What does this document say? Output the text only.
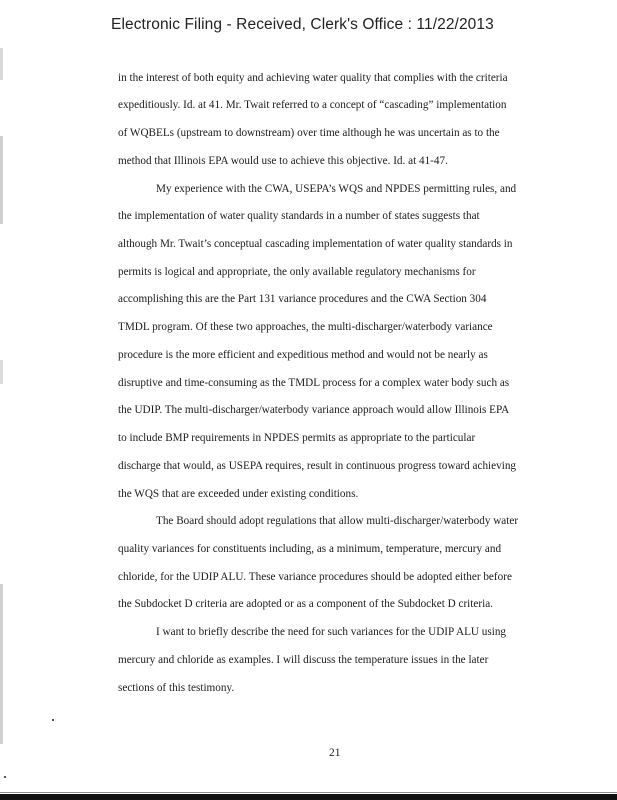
Electronic Filing - Received, Clerk's Office : 11/22/2013
in the interest of both equity and achieving water quality that complies with the criteria
expeditiously. Id. at 41. Mr. Twait referred to a concept of “cascading” implementation
of WQBELs (upstream to downstream) over time although he was uncertain as to the
method that Illinois EPA would use to achieve this objective. Id. at 41-47.
My experience with the CWA, USEPA’s WQS and NPDES permitting rules, and
the implementation of water quality standards in a number of states suggests that
although Mr. Twait’s conceptual cascading implementation of water quality standards in
permits is logical and appropriate, the only available regulatory mechanisms for
accomplishing this are the Part 131 variance procedures and the CWA Section 304
TMDL program. Of these two approaches, the multi-discharger/waterbody variance
procedure is the more efficient and expeditious method and would not be nearly as
disruptive and time-consuming as the TMDL process for a complex water body such as
the UDIP. The multi-discharger/waterbody variance approach would allow Illinois EPA
to include BMP requirements in NPDES permits as appropriate to the particular
discharge that would, as USEPA requires, result in continuous progress toward achieving
the WQS that are exceeded under existing conditions.
The Board should adopt regulations that allow multi-discharger/waterbody water
quality variances for constituents including, as a minimum, temperature, mercury and
chloride, for the UDIP ALU. These variance procedures should be adopted either before
the Subdocket D criteria are adopted or as a component of the Subdocket D criteria.
I want to briefly describe the need for such variances for the UDIP ALU using
mercury and chloride as examples. I will discuss the temperature issues in the later
sections of this testimony.
21
